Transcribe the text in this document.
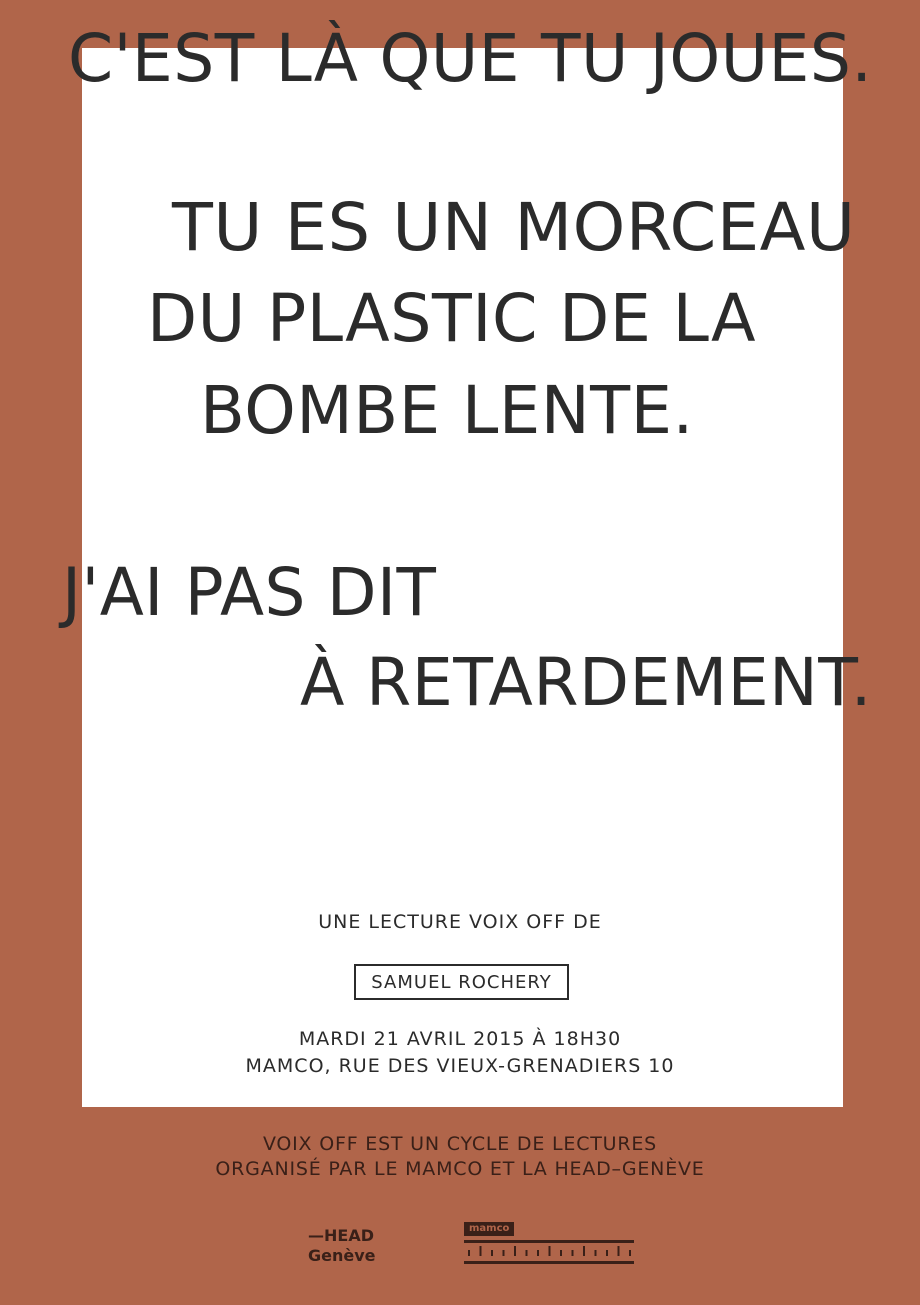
C'EST LÀ QUE TU JOUES.
TU ES UN MORCEAU
DU PLASTIC DE LA
BOMBE LENTE.
J'AI PAS DIT
À RETARDEMENT.
UNE LECTURE VOIX OFF DE
SAMUEL ROCHERY
MARDI 21 AVRIL 2015 À 18H30
MAMCO, RUE DES VIEUX-GRENADIERS 10
VOIX OFF EST UN CYCLE DE LECTURES
ORGANISÉ PAR LE MAMCO ET LA HEAD–GENÈVE
—HEAD
Genève
mamco
